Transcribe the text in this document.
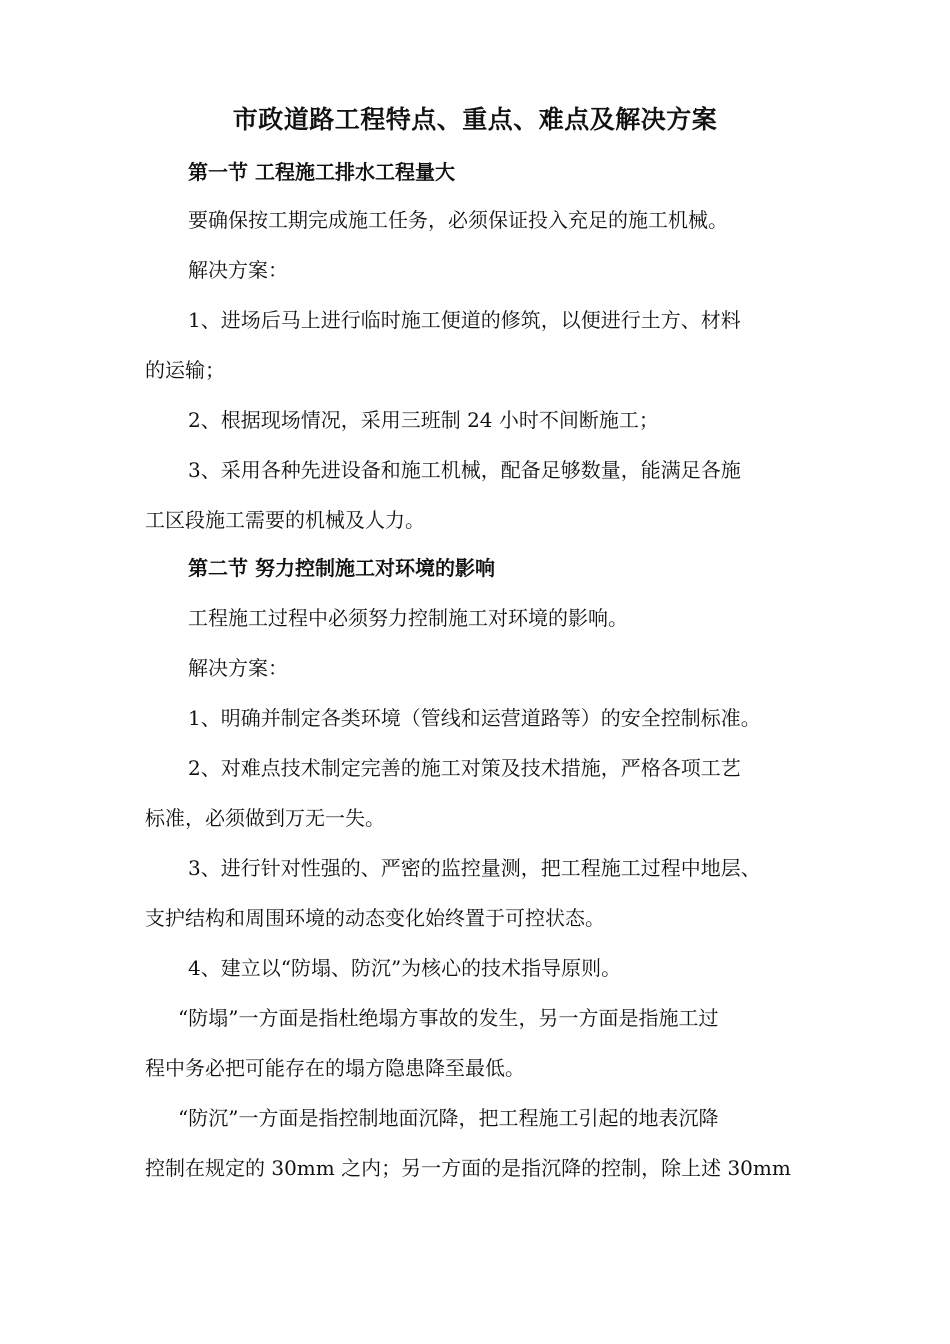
市政道路工程特点、重点、难点及解决方案
第一节 工程施工排水工程量大
要确保按工期完成施工任务，必须保证投入充足的施工机械。
解决方案：
1、进场后马上进行临时施工便道的修筑，以便进行土方、材料
的运输；
2、根据现场情况，采用三班制 24 小时不间断施工；
3、采用各种先进设备和施工机械，配备足够数量，能满足各施
工区段施工需要的机械及人力。
第二节 努力控制施工对环境的影响
工程施工过程中必须努力控制施工对环境的影响。
解决方案：
1、明确并制定各类环境（管线和运营道路等）的安全控制标准。
2、对难点技术制定完善的施工对策及技术措施，严格各项工艺
标准，必须做到万无一失。
3、进行针对性强的、严密的监控量测，把工程施工过程中地层、
支护结构和周围环境的动态变化始终置于可控状态。
4、建立以“防塌、防沉”为核心的技术指导原则。
“防塌”一方面是指杜绝塌方事故的发生，另一方面是指施工过
程中务必把可能存在的塌方隐患降至最低。
“防沉”一方面是指控制地面沉降，把工程施工引起的地表沉降
控制在规定的 30mm 之内；另一方面的是指沉降的控制，除上述 30mm
